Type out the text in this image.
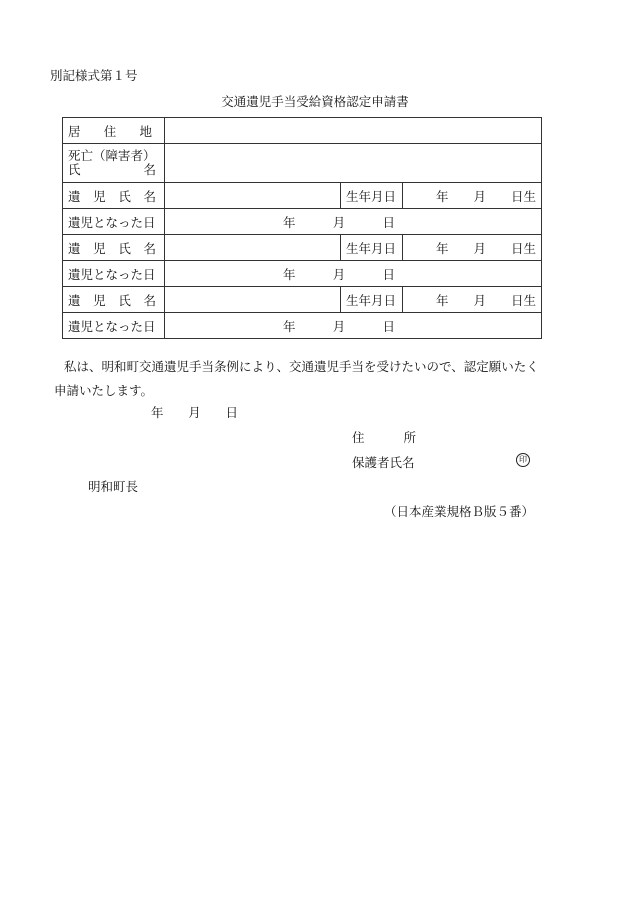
別記様式第１号
交通遺児手当受給資格認定申請書
居 住 地			

死亡（障害者）
氏 名			

遺 児 氏 名		生年月日	年 月 日生

遺児となった日	年 月 日		

遺 児 氏 名		生年月日	年 月 日生

遺児となった日	年 月 日		

遺 児 氏 名		生年月日	年 月 日生

遺児となった日	年 月 日		
私は、明和町交通遺児手当条例により、交通遺児手当を受けたいので、認定願いたく
申請いたします。
年 月 日
住	所
保護者氏名	印
明和町長
（日本産業規格Ｂ版５番）
